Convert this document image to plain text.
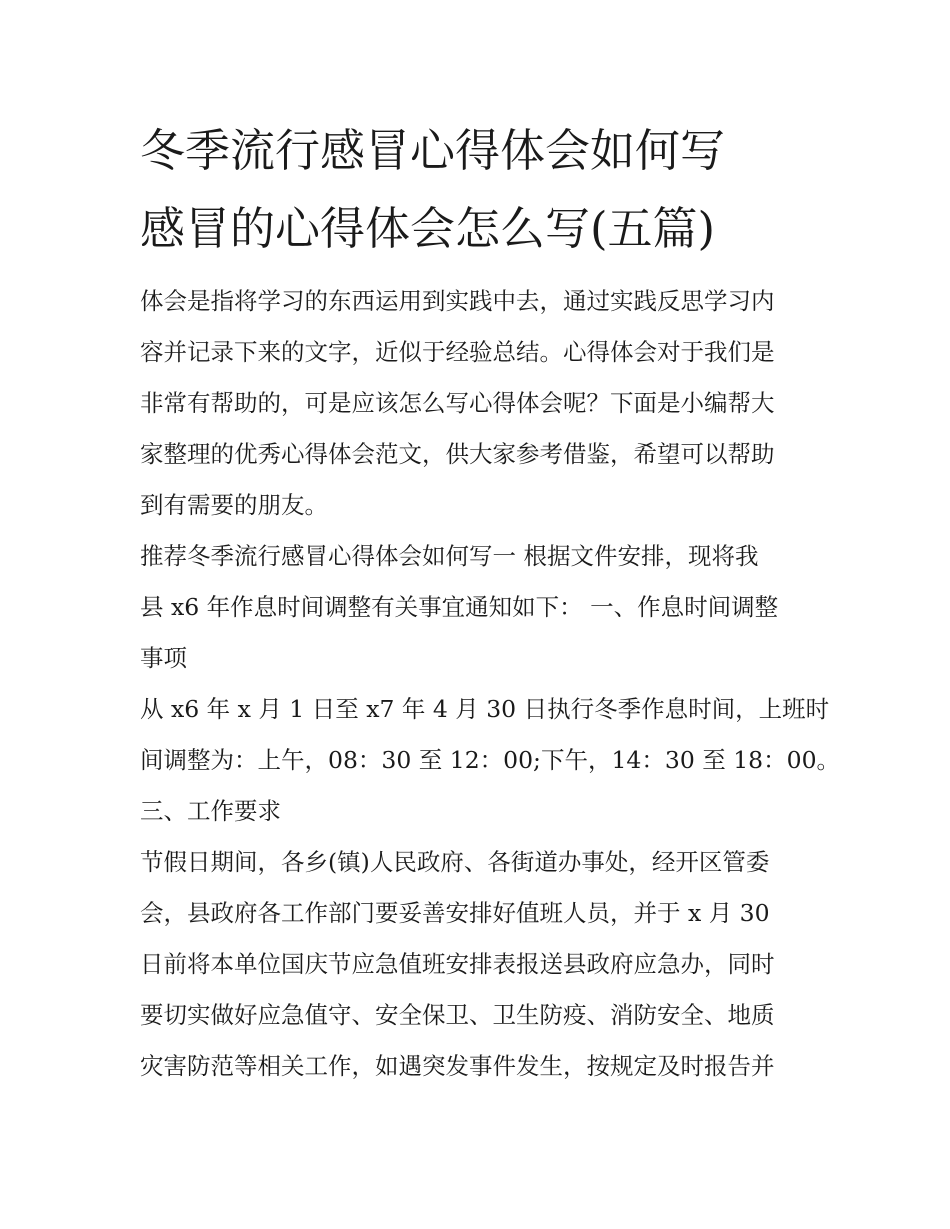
冬季流行感冒心得体会如何写
感冒的心得体会怎么写(五篇)
体会是指将学习的东西运用到实践中去，通过实践反思学习内
容并记录下来的文字，近似于经验总结。心得体会对于我们是
非常有帮助的，可是应该怎么写心得体会呢？下面是小编帮大
家整理的优秀心得体会范文，供大家参考借鉴，希望可以帮助
到有需要的朋友。
推荐冬季流行感冒心得体会如何写一 根据文件安排，现将我
县 x6 年作息时间调整有关事宜通知如下： 一、作息时间调整
事项
从 x6 年 x 月 1 日至 x7 年 4 月 30 日执行冬季作息时间，上班时
间调整为：上午，08：30 至 12：00;下午，14：30 至 18：00。
三、工作要求
节假日期间，各乡(镇)人民政府、各街道办事处，经开区管委
会，县政府各工作部门要妥善安排好值班人员，并于 x 月 30
日前将本单位国庆节应急值班安排表报送县政府应急办，同时
要切实做好应急值守、安全保卫、卫生防疫、消防安全、地质
灾害防范等相关工作，如遇突发事件发生，按规定及时报告并
